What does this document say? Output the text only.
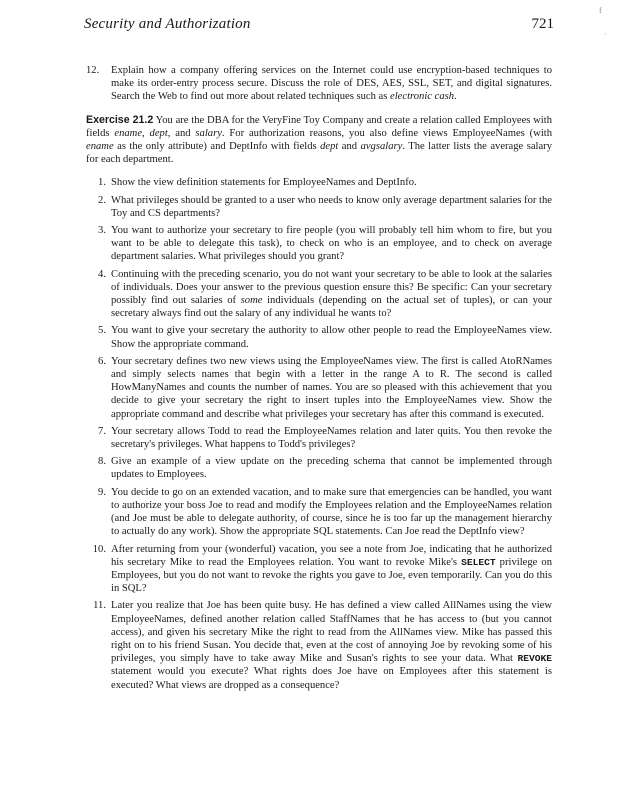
f
·
Security and Authorization	721

12. Explain how a company offering services on the Internet could use encryption-based techniques to make its order-entry process secure. Discuss the role of DES, AES, SSL, SET, and digital signatures. Search the Web to find out more about related techniques such as electronic cash.

Exercise 21.2 You are the DBA for the VeryFine Toy Company and create a relation called Employees with fields ename, dept, and salary. For authorization reasons, you also define views EmployeeNames (with ename as the only attribute) and DeptInfo with fields dept and avgsalary. The latter lists the average salary for each department.

1. Show the view definition statements for EmployeeNames and DeptInfo.
2. What privileges should be granted to a user who needs to know only average department salaries for the Toy and CS departments?
3. You want to authorize your secretary to fire people (you will probably tell him whom to fire, but you want to be able to delegate this task), to check on who is an employee, and to check on average department salaries. What privileges should you grant?
4. Continuing with the preceding scenario, you do not want your secretary to be able to look at the salaries of individuals. Does your answer to the previous question ensure this? Be specific: Can your secretary possibly find out salaries of some individuals (depending on the actual set of tuples), or can your secretary always find out the salary of any individual he wants to?
5. You want to give your secretary the authority to allow other people to read the EmployeeNames view. Show the appropriate command.
6. Your secretary defines two new views using the EmployeeNames view. The first is called AtoRNames and simply selects names that begin with a letter in the range A to R. The second is called HowManyNames and counts the number of names. You are so pleased with this achievement that you decide to give your secretary the right to insert tuples into the EmployeeNames view. Show the appropriate command and describe what privileges your secretary has after this command is executed.
7. Your secretary allows Todd to read the EmployeeNames relation and later quits. You then revoke the secretary's privileges. What happens to Todd's privileges?
8. Give an example of a view update on the preceding schema that cannot be implemented through updates to Employees.
9. You decide to go on an extended vacation, and to make sure that emergencies can be handled, you want to authorize your boss Joe to read and modify the Employees relation and the EmployeeNames relation (and Joe must be able to delegate authority, of course, since he is too far up the management hierarchy to actually do any work). Show the appropriate SQL statements. Can Joe read the DeptInfo view?
10. After returning from your (wonderful) vacation, you see a note from Joe, indicating that he authorized his secretary Mike to read the Employees relation. You want to revoke Mike's SELECT privilege on Employees, but you do not want to revoke the rights you gave to Joe, even temporarily. Can you do this in SQL?
11. Later you realize that Joe has been quite busy. He has defined a view called AllNames using the view EmployeeNames, defined another relation called StaffNames that he has access to (but you cannot access), and given his secretary Mike the right to read from the AllNames view. Mike has passed this right on to his friend Susan. You decide that, even at the cost of annoying Joe by revoking some of his privileges, you simply have to take away Mike and Susan's rights to see your data. What REVOKE statement would you execute? What rights does Joe have on Employees after this statement is executed? What views are dropped as a consequence?
